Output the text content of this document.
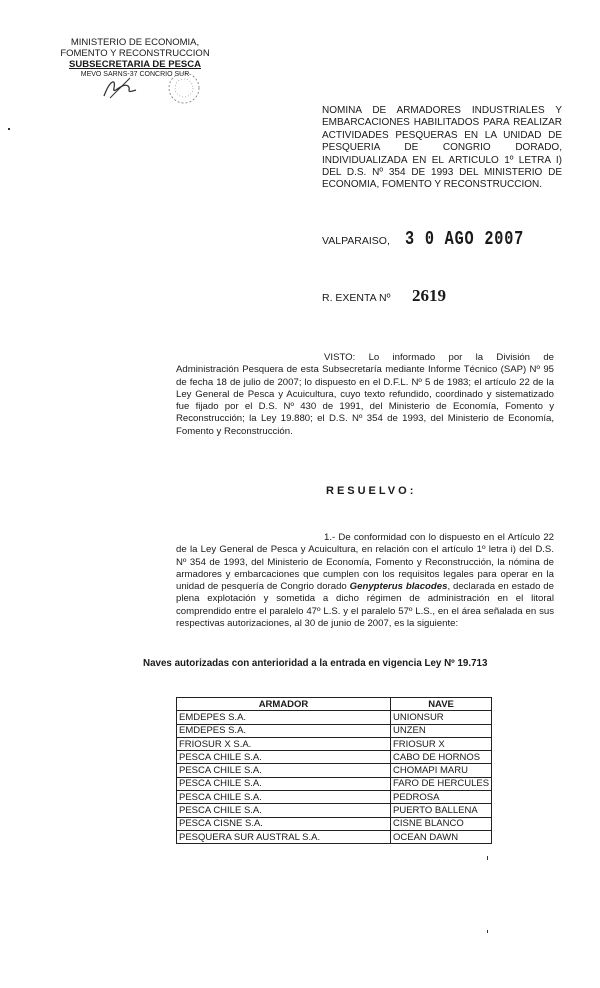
MINISTERIO DE ECONOMIA,
FOMENTO Y RECONSTRUCCION
SUBSECRETARIA DE PESCA
MEVO SARNS-37 CONCRIO SUR
NOMINA DE ARMADORES INDUSTRIALES Y EMBARCACIONES HABILITADOS PARA REALIZAR ACTIVIDADES PESQUERAS EN LA UNIDAD DE PESQUERIA DE CONGRIO DORADO, INDIVIDUALIZADA EN EL ARTICULO 1º LETRA I) DEL D.S. Nº 354 DE 1993 DEL MINISTERIO DE ECONOMIA, FOMENTO Y RECONSTRUCCION.
VALPARAISO, 3 0 AGO 2007
R. EXENTA Nº 2619
VISTO: Lo informado por la División de Administración Pesquera de esta Subsecretaría mediante Informe Técnico (SAP) Nº 95 de fecha 18 de julio de 2007; lo dispuesto en el D.F.L. Nº 5 de 1983; el artículo 22 de la Ley General de Pesca y Acuicultura, cuyo texto refundido, coordinado y sistematizado fue fijado por el D.S. Nº 430 de 1991, del Ministerio de Economía, Fomento y Reconstrucción; la Ley 19.880; el D.S. Nº 354 de 1993, del Ministerio de Economía, Fomento y Reconstrucción.
RESUELVO:
1.- De conformidad con lo dispuesto en el Artículo 22 de la Ley General de Pesca y Acuicultura, en relación con el artículo 1º letra i) del D.S. Nº 354 de 1993, del Ministerio de Economía, Fomento y Reconstrucción, la nómina de armadores y embarcaciones que cumplen con los requisitos legales para operar en la unidad de pesquería de Congrio dorado Genypterus blacodes, declarada en estado de plena explotación y sometida a dicho régimen de administración en el litoral comprendido entre el paralelo 47º L.S. y el paralelo 57º L.S., en el área señalada en sus respectivas autorizaciones, al 30 de junio de 2007, es la siguiente:
Naves autorizadas con anterioridad a la entrada en vigencia Ley Nº 19.713
ARMADOR	NAVE
EMDEPES S.A.	UNIONSUR
EMDEPES S.A.	UNZEN
FRIOSUR X S.A.	FRIOSUR X
PESCA CHILE S.A.	CABO DE HORNOS
PESCA CHILE S.A.	CHOMAPI MARU
PESCA CHILE S.A.	FARO DE HERCULES
PESCA CHILE S.A.	PEDROSA
PESCA CHILE S.A.	PUERTO BALLENA
PESCA CISNE S.A.	CISNE BLANCO
PESQUERA SUR AUSTRAL S.A.	OCEAN DAWN
